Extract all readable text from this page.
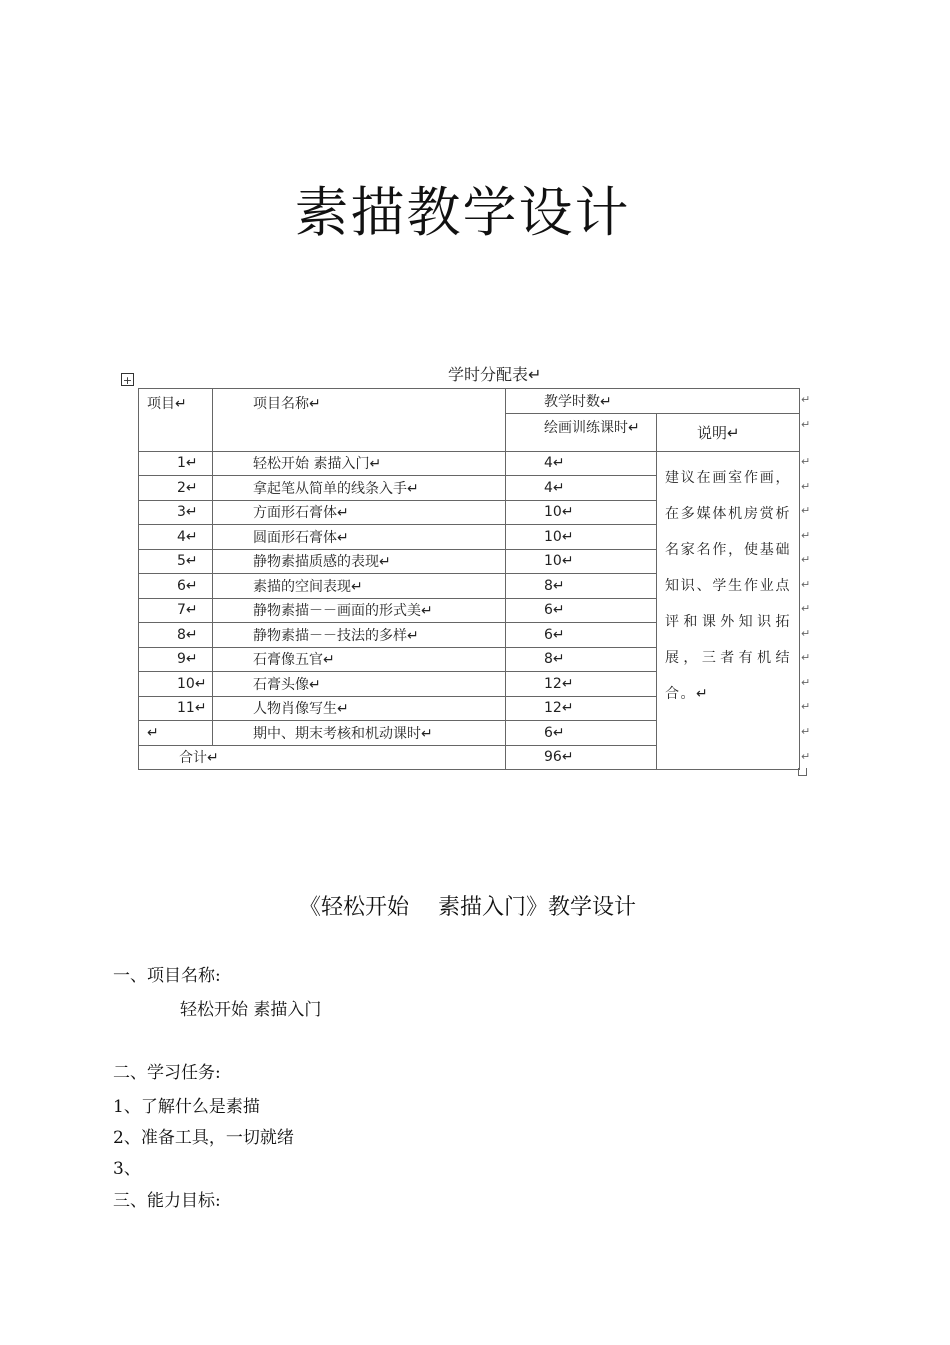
素描教学设计
学时分配表↵
+
项目↵	项目名称↵	教学时数↵	
		绘画训练课时↵	说明↵
1↵	轻松开始 素描入门↵	4↵	建议在画室作画，在多媒体机房赏析名家名作，使基础知识、学生作业点评和课外知识拓展，三者有机结合。↵
2↵	拿起笔从简单的线条入手↵	4↵	
3↵	方面形石膏体↵	10↵	
4↵	圆面形石膏体↵	10↵	
5↵	静物素描质感的表现↵	10↵	
6↵	素描的空间表现↵	8↵	
7↵	静物素描－－画面的形式美↵	6↵	
8↵	静物素描－－技法的多样↵	6↵	
9↵	石膏像五官↵	8↵	
10↵	石膏头像↵	12↵	
11↵	人物肖像写生↵	12↵	
↵	期中、期末考核和机动课时↵	6↵	
合计↵		96↵	
↵
↵
↵
↵
↵
↵
↵
↵
↵
↵
↵
↵
↵
↵
↵
《轻松开始　 素描入门》教学设计
一、项目名称:
轻松开始 素描入门
二、学习任务:
1、了解什么是素描
2、准备工具，一切就绪
3、
三、能力目标:
